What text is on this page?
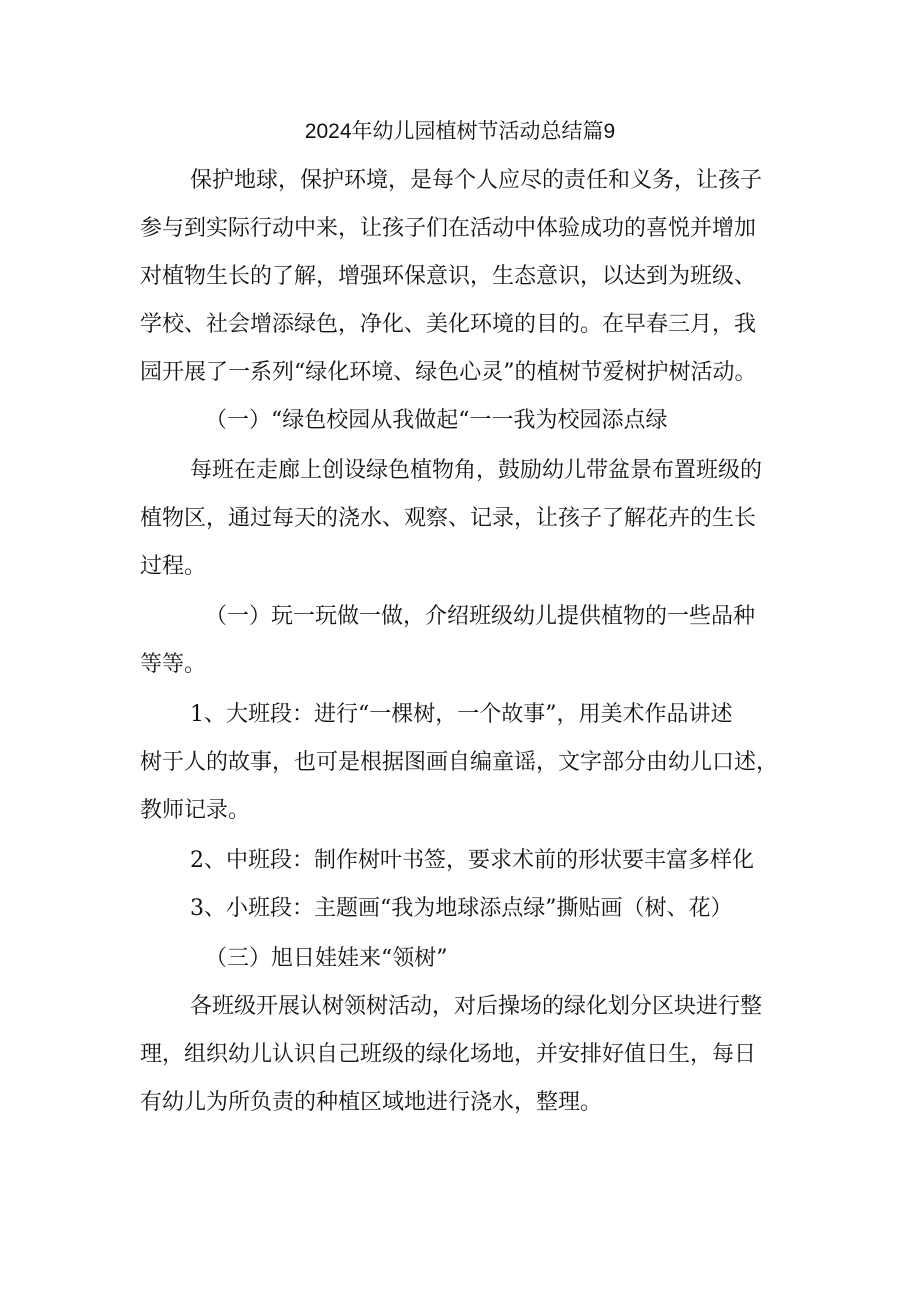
2024年幼儿园植树节活动总结篇9
保护地球，保护环境，是每个人应尽的责任和义务，让孩子
参与到实际行动中来，让孩子们在活动中体验成功的喜悦并增加
对植物生长的了解，增强环保意识，生态意识，以达到为班级、
学校、社会增添绿色，净化、美化环境的目的。在早春三月，我
园开展了一系列“绿化环境、绿色心灵”的植树节爱树护树活动。
（一）“绿色校园从我做起“一一我为校园添点绿
每班在走廊上创设绿色植物角，鼓励幼儿带盆景布置班级的
植物区，通过每天的浇水、观察、记录，让孩子了解花卉的生长
过程。
（一）玩一玩做一做，介绍班级幼儿提供植物的一些品种
等等。
1、大班段：进行“一棵树，一个故事”，用美术作品讲述
树于人的故事，也可是根据图画自编童谣，文字部分由幼儿口述，
教师记录。
2、中班段：制作树叶书签，要求术前的形状要丰富多样化
3、小班段：主题画“我为地球添点绿”撕贴画（树、花）
（三）旭日娃娃来“领树”
各班级开展认树领树活动，对后操场的绿化划分区块进行整
理，组织幼儿认识自己班级的绿化场地，并安排好值日生，每日
有幼儿为所负责的种植区域地进行浇水，整理。
